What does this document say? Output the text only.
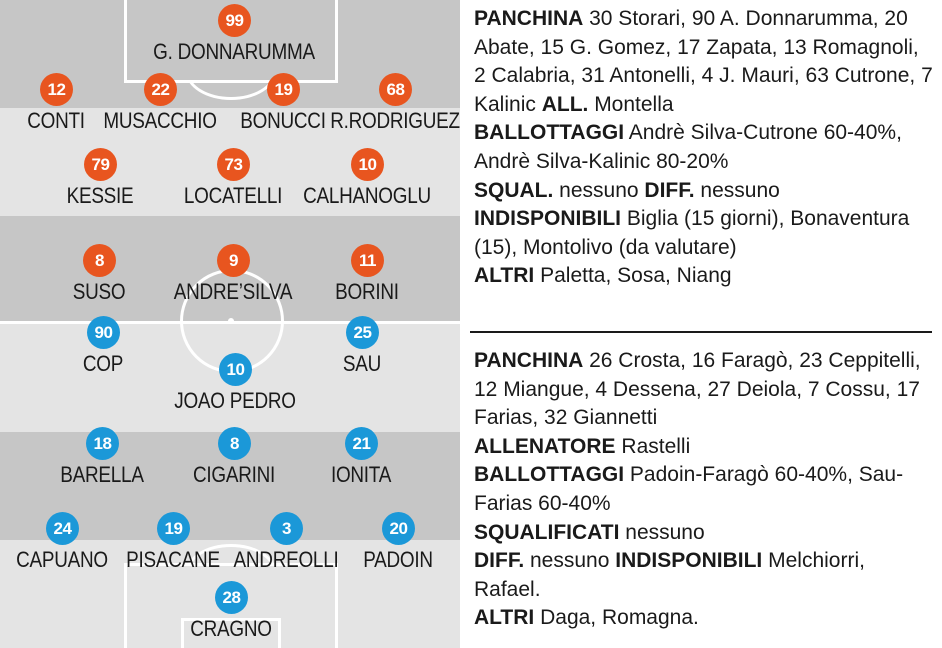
99
G. DONNARUMMA
12
CONTI
22
MUSACCHIO
19
BONUCCI
68
R.RODRIGUEZ
79
KESSIE
73
LOCATELLI
10
CALHANOGLU
8
SUSO
9
ANDRE’SILVA
11
BORINI
90
COP
25
SAU
10
JOAO PEDRO
18
BARELLA
8
CIGARINI
21
IONITA
24
CAPUANO
19
PISACANE
3
ANDREOLLI
20
PADOIN
28
CRAGNO
PANCHINA 30 Storari, 90 A. Donnarumma, 20 Abate, 15 G. Gomez, 17 Zapata, 13 Romagnoli, 2 Calabria, 31 Antonelli, 4 J. Mauri, 63 Cutrone, 7 Kalinic ALL. Montella
BALLOTTAGGI Andrè Silva-Cutrone 60-40%, Andrè Silva-Kalinic 80-20%
SQUAL. nessuno DIFF. nessuno
INDISPONIBILI Biglia (15 giorni), Bonaventura (15), Montolivo (da valutare)
ALTRI Paletta, Sosa, Niang
PANCHINA 26 Crosta, 16 Faragò, 23 Ceppitelli, 12 Miangue, 4 Dessena, 27 Deiola, 7 Cossu, 17 Farias, 32 Giannetti
ALLENATORE Rastelli
BALLOTTAGGI Padoin-Faragò 60-40%, Sau-Farias 60-40%
SQUALIFICATI nessuno
DIFF. nessuno INDISPONIBILI Melchiorri, Rafael.
ALTRI Daga, Romagna.
